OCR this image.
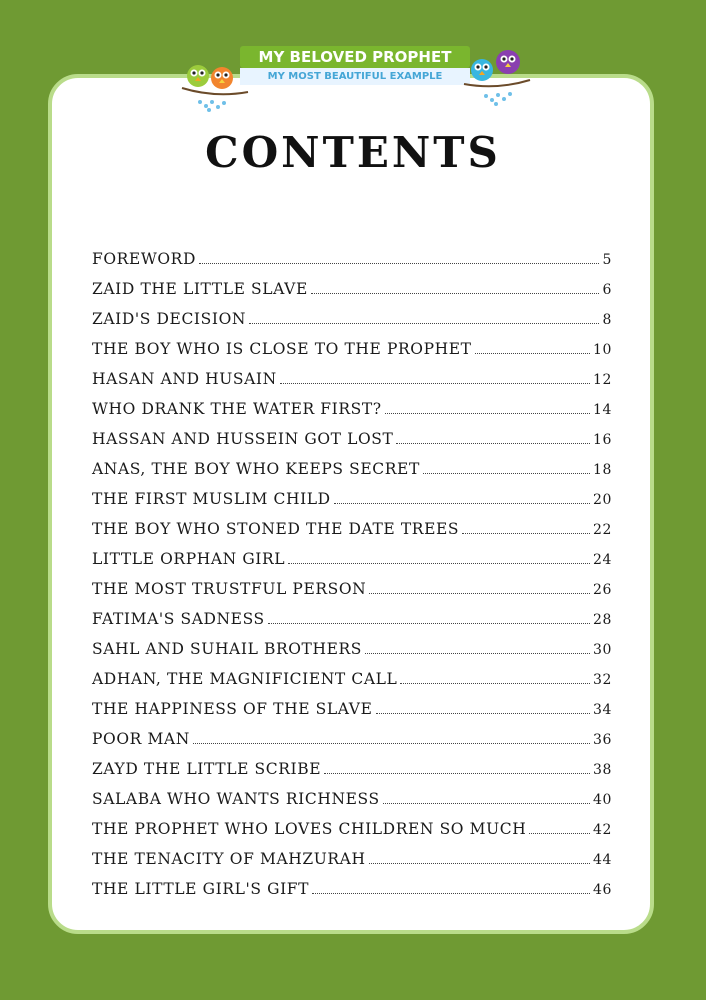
MY BELOVED PROPHET
MY MOST BEAUTIFUL EXAMPLE
CONTENTS
FOREWORD	5
ZAID THE LITTLE SLAVE	6
ZAID'S DECISION	8
THE BOY WHO IS CLOSE TO THE PROPHET	10
HASAN AND HUSAIN	12
WHO DRANK THE WATER FIRST?	14
HASSAN AND HUSSEIN GOT LOST	16
ANAS, THE BOY WHO KEEPS SECRET	18
THE FIRST MUSLIM CHILD	20
THE BOY WHO STONED THE DATE TREES	22
LITTLE ORPHAN GIRL	24
THE MOST TRUSTFUL PERSON	26
FATIMA'S SADNESS	28
SAHL AND SUHAIL BROTHERS	30
ADHAN, THE MAGNIFICIENT CALL	32
THE HAPPINESS OF THE SLAVE	34
POOR MAN	36
ZAYD THE LITTLE SCRIBE	38
SALABA WHO WANTS RICHNESS	40
THE PROPHET WHO LOVES CHILDREN SO MUCH	42
THE TENACITY OF MAHZURAH	44
THE LITTLE GIRL'S GIFT	46
